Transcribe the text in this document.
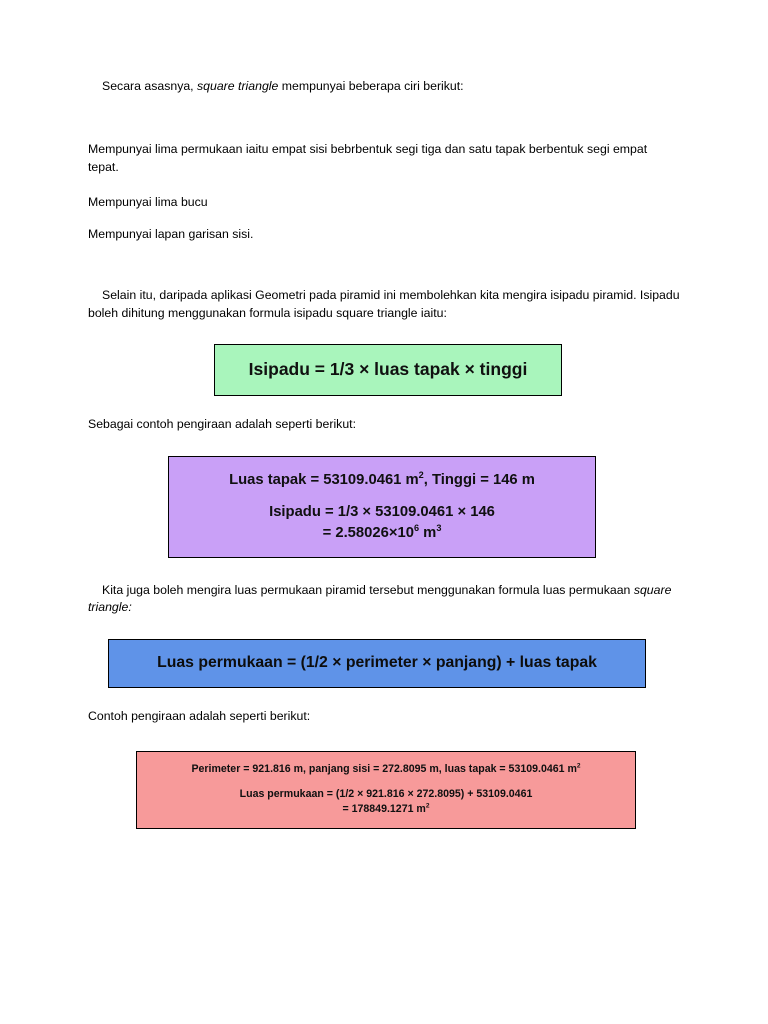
Secara asasnya, square triangle mempunyai beberapa ciri berikut:

Mempunyai lima permukaan iaitu empat sisi bebrbentuk segi tiga dan satu tapak berbentuk segi empat tepat.

Mempunyai lima bucu

Mempunyai lapan garisan sisi.

Selain itu, daripada aplikasi Geometri pada piramid ini membolehkan kita mengira isipadu piramid. Isipadu boleh dihitung menggunakan formula isipadu square triangle iaitu:

Isipadu = 1/3 × luas tapak × tinggi

Sebagai contoh pengiraan adalah seperti berikut:

Luas tapak = 53109.0461 $m^2$, Tinggi = 146 m
Isipadu = 1/3 × 53109.0461 × 146
= $2.58026\times 10^6$ $m^3$

Kita juga boleh mengira luas permukaan piramid tersebut menggunakan formula luas permukaan square triangle:

Luas permukaan = (1/2 × perimeter × panjang) + luas tapak

Contoh pengiraan adalah seperti berikut:

Perimeter = 921.816 m, panjang sisi = 272.8095 m, luas tapak = 53109.0461 $m^2$
Luas permukaan = (1/2 × 921.816 × 272.8095) + 53109.0461
= 178849.1271 $m^2$
